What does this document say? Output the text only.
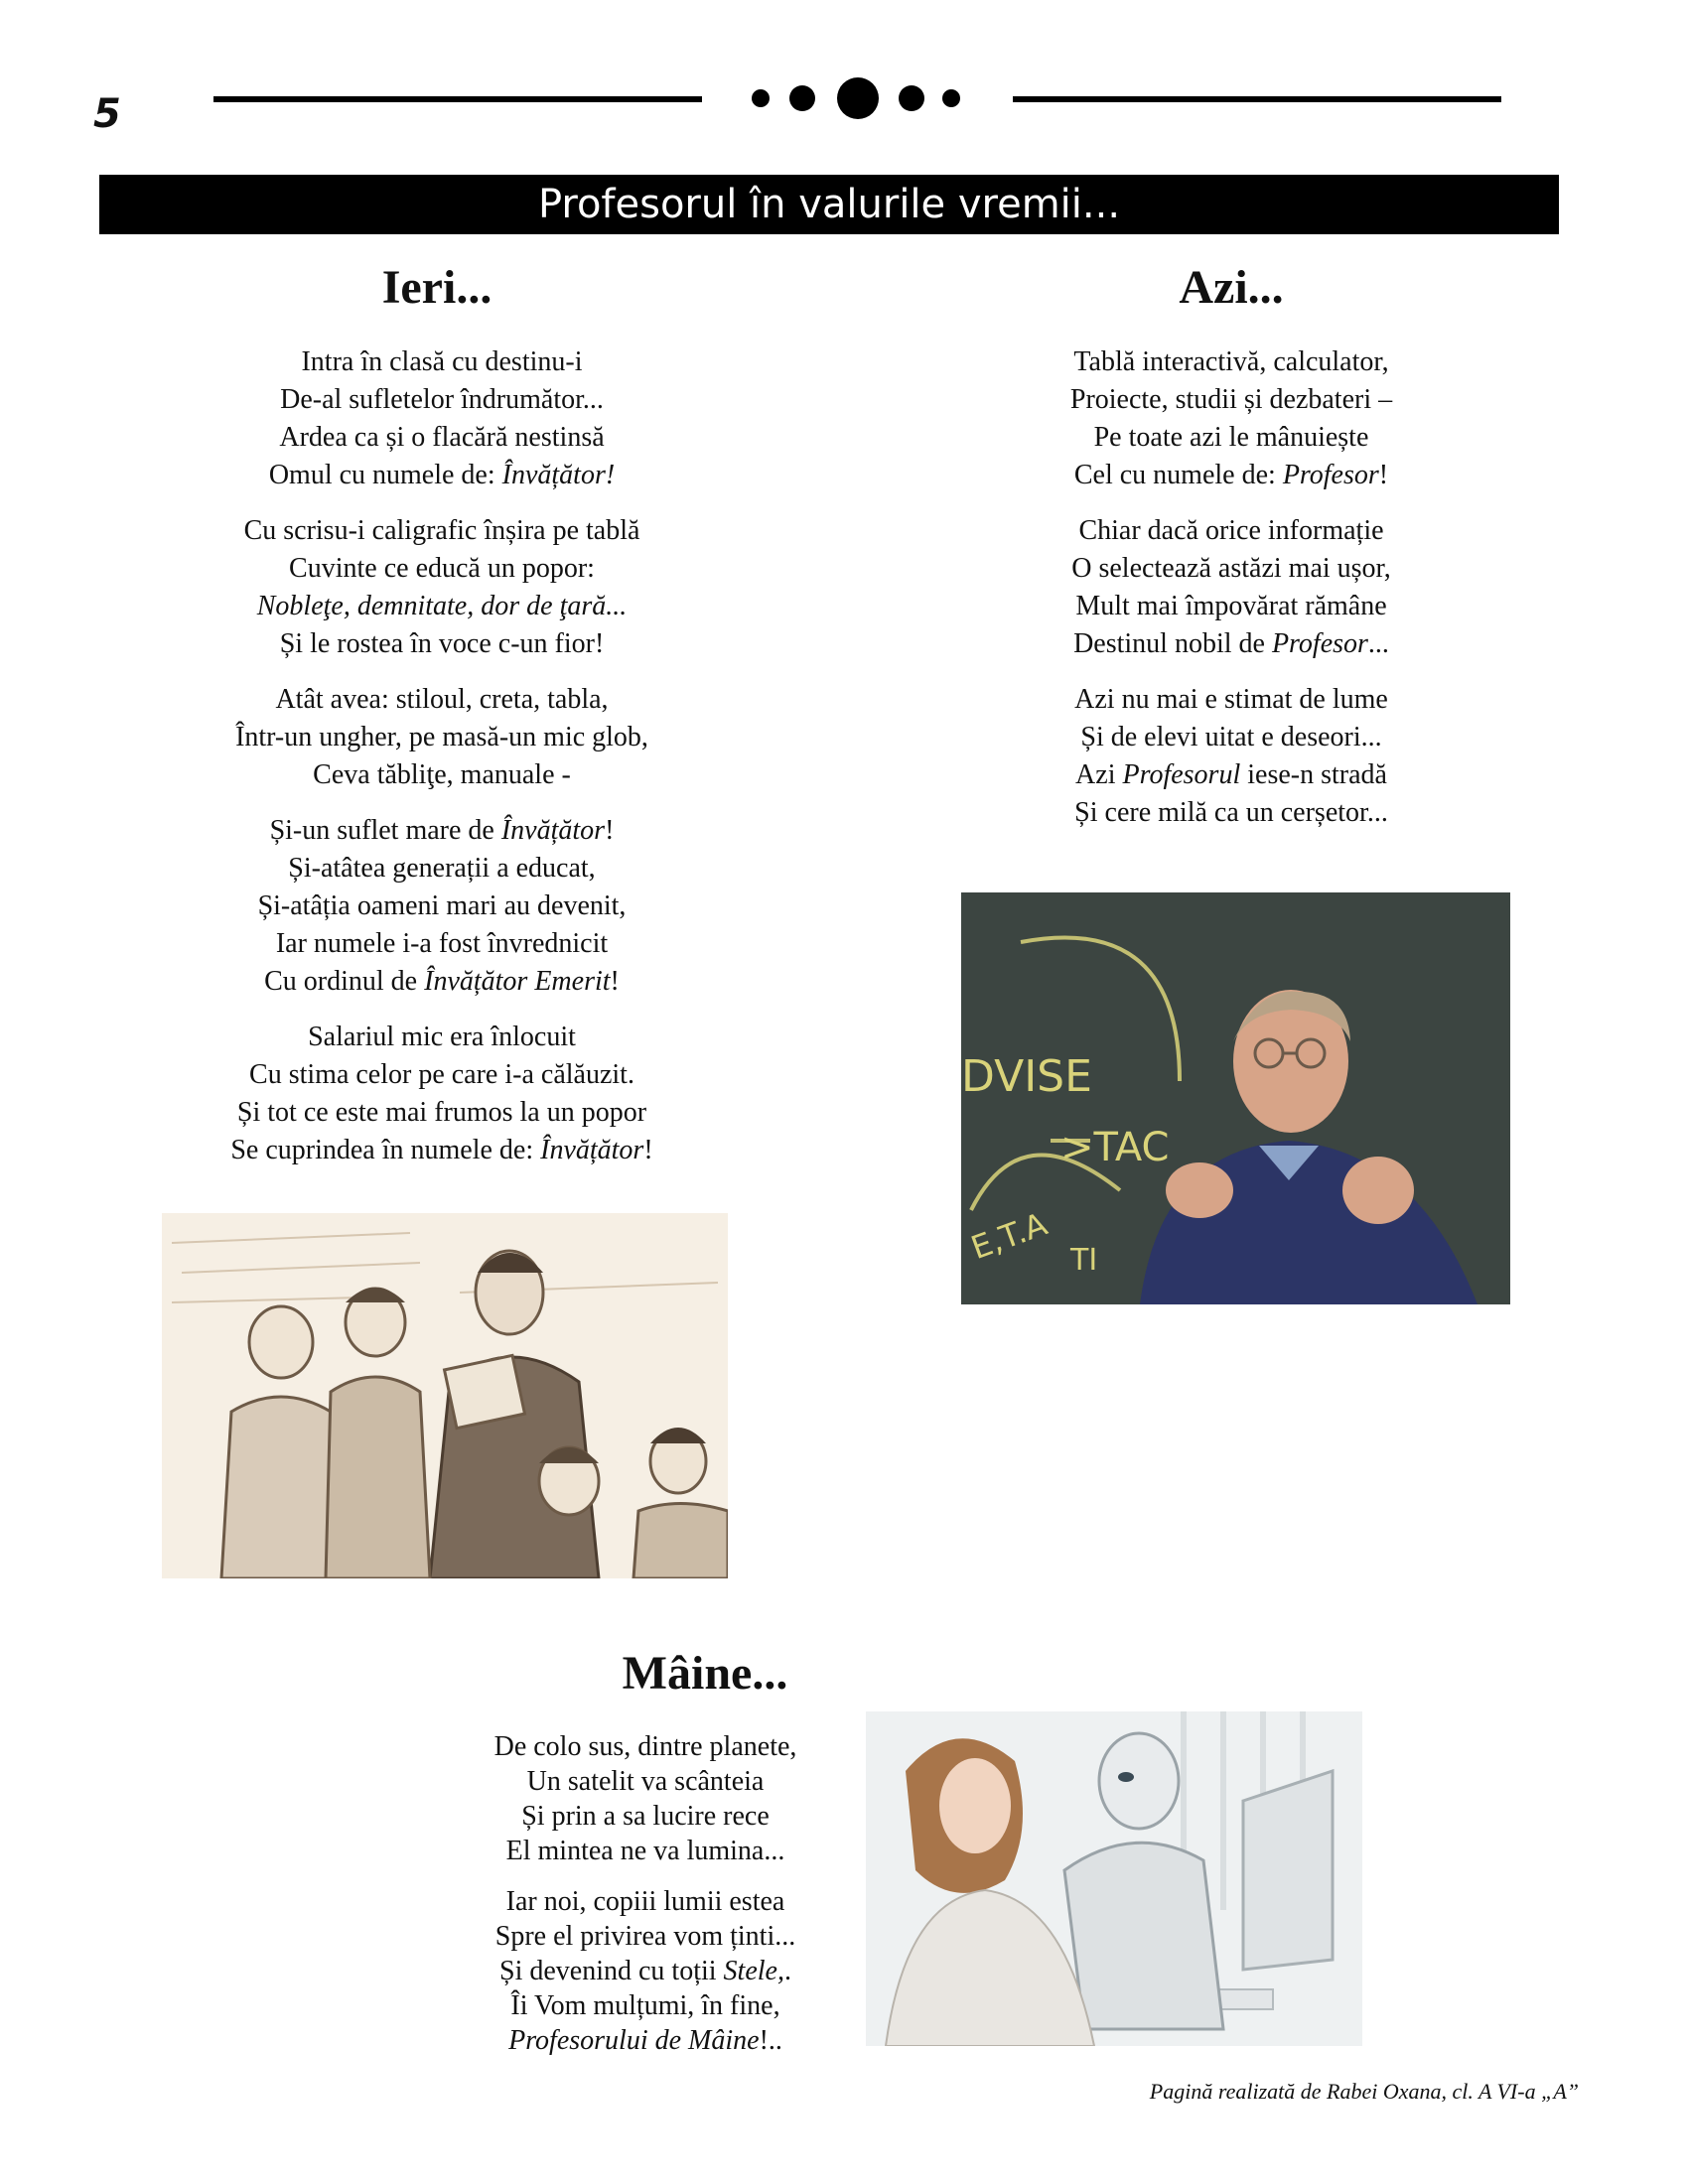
5
Profesorul în valurile vremii...
Ieri...
Intra în clasă cu destinu-i
De-al sufletelor îndrumător...
Ardea ca și o flacără nestinsă
Omul cu numele de: Învățător!
Cu scrisu-i caligrafic înșira pe tablă
Cuvinte ce educă un popor:
Nobleţe, demnitate, dor de ţară...
Și le rostea în voce c-un fior!
Atât avea: stiloul, creta, tabla,
Într-un ungher, pe masă-un mic glob,
Ceva tăbliţe, manuale -
Și-un suflet mare de Învățător!
Și-atâtea generații a educat,
Și-atâția oameni mari au devenit,
Iar numele i-a fost învrednicit
Cu ordinul de Învățător Emerit!
Salariul mic era înlocuit
Cu stima celor pe care i-a călăuzit.
Și tot ce este mai frumos la un popor
Se cuprindea în numele de: Învățător!
Azi...
Tablă interactivă, calculator,
Proiecte, studii și dezbateri –
Pe toate azi le mânuiește
Cel cu numele de: Profesor!
Chiar dacă orice informație
O selectează astăzi mai ușor,
Mult mai împovărat rămâne
Destinul nobil de Profesor...
Azi nu mai e stimat de lume
Și de elevi uitat e deseori...
Azi Profesorul iese-n stradă
Și cere milă ca un cerșetor...
DVISE
>TAC
E,T.A TI
Mâine...
De colo sus, dintre planete,
Un satelit va scânteia
Și prin a sa lucire rece
El mintea ne va lumina...
Iar noi, copiii lumii estea
Spre el privirea vom ținti...
Și devenind cu toții Stele,.
Îi Vom mulțumi, în fine,
Profesorului de Mâine!..
Pagină realizată de Rabei Oxana, cl. A VI-a „A”
